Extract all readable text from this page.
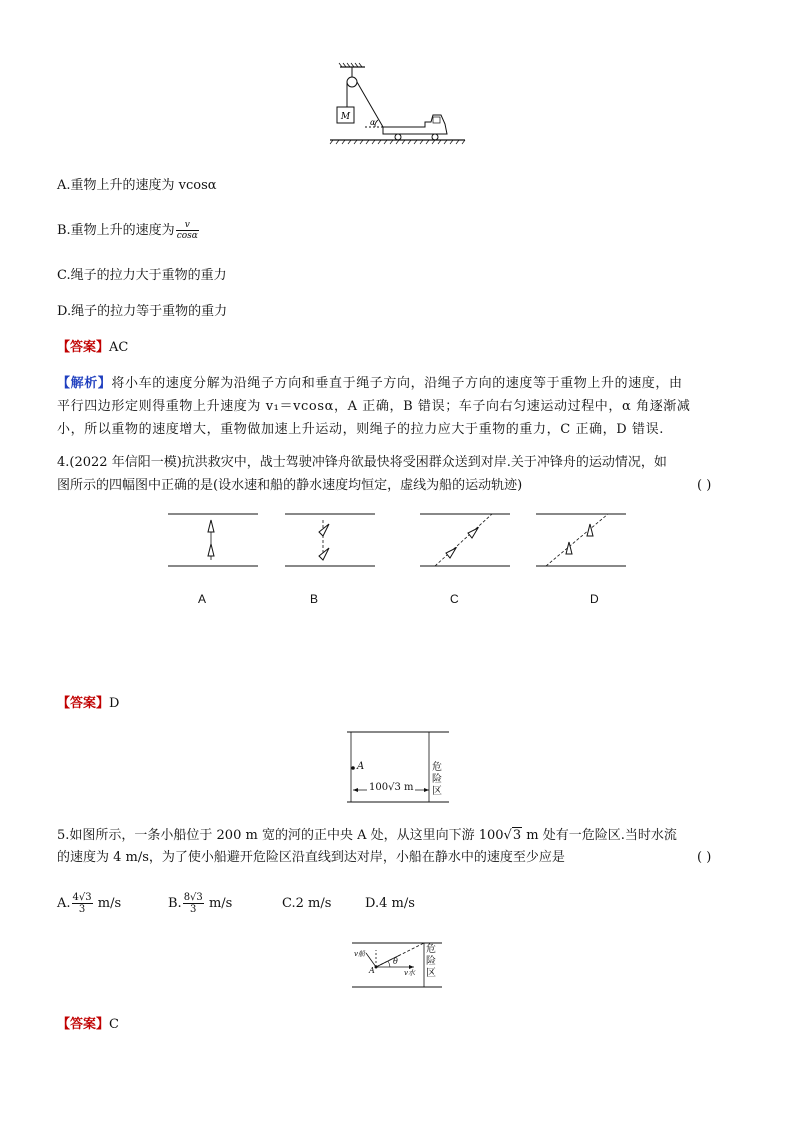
M
α
A.重物上升的速度为 vcosα
B.重物上升的速度为 $\frac{v}{\cos\alpha}$
C.绳子的拉力大于重物的重力
D.绳子的拉力等于重物的重力
【答案】AC
【解析】将小车的速度分解为沿绳子方向和垂直于绳子方向，沿绳子方向的速度等于重物上升的速度，由
平行四边形定则得重物上升速度为 v₁＝vcosα，A 正确，B 错误；车子向右匀速运动过程中，α 角逐渐减
小，所以重物的速度增大，重物做加速上升运动，则绳子的拉力应大于重物的重力，C 正确，D 错误.
4.(2022 年信阳一模)抗洪救灾中，战士驾驶冲锋舟欲最快将受困群众送到对岸.关于冲锋舟的运动情况，如
图所示的四幅图中正确的是(设水速和船的静水速度均恒定，虚线为船的运动轨迹)	( )
A	B	C	D
【答案】D
A
100√3 m
危
险
区
5.如图所示，一条小船位于 200 m 宽的河的正中央 A 处，从这里向下游 100√3 m 处有一危险区.当时水流
的速度为 4 m/s，为了使小船避开危险区沿直线到达对岸，小船在静水中的速度至少应是	( )
A. $\frac{4√3}{3} m/s$	B. $\frac{8√3}{3} m/s$	C.2 m/s	D.4 m/s
v船
A
θ
v水
危
险
区
【答案】C
